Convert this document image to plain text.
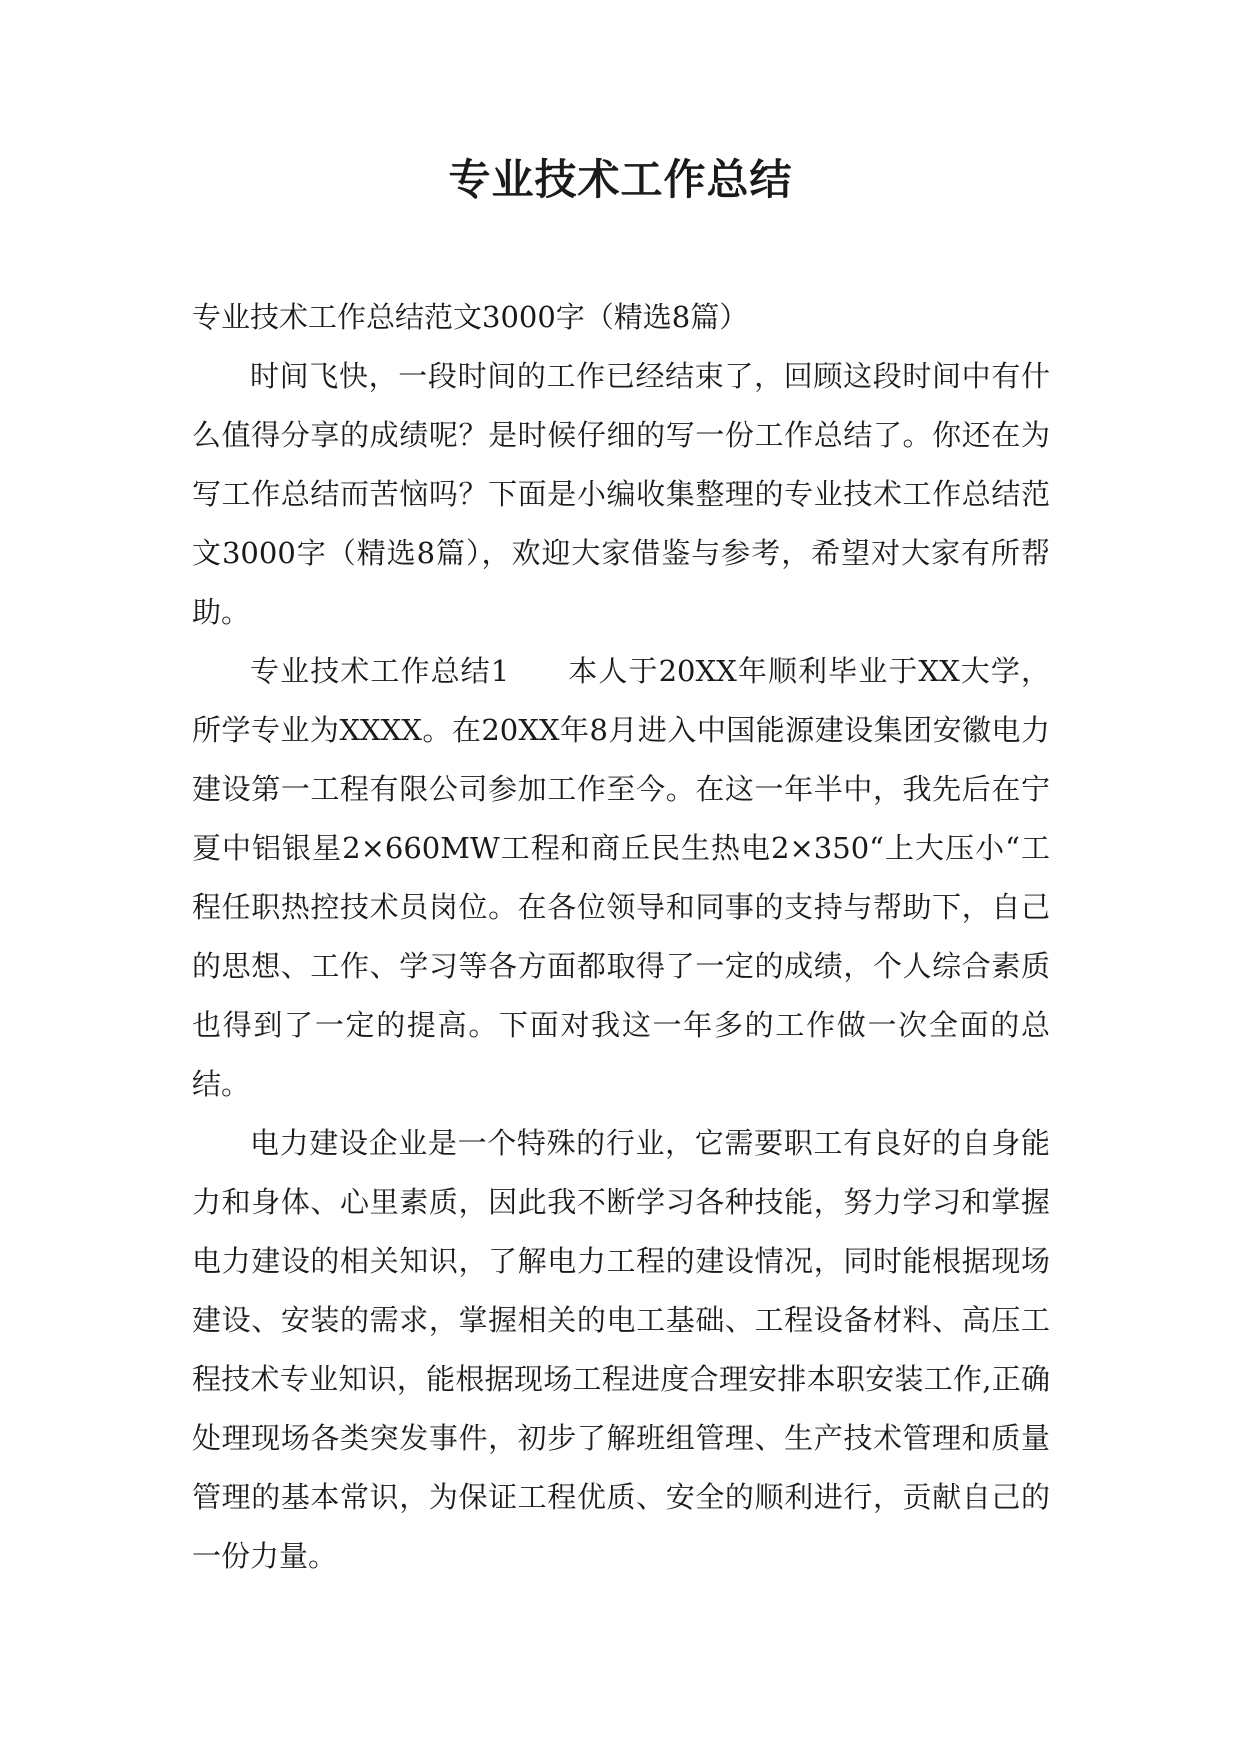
专业技术工作总结

专业技术工作总结范文3000字（精选8篇）

时间飞快，一段时间的工作已经结束了，回顾这段时间中有什么值得分享的成绩呢？是时候仔细的写一份工作总结了。你还在为写工作总结而苦恼吗？下面是小编收集整理的专业技术工作总结范文3000字（精选8篇），欢迎大家借鉴与参考，希望对大家有所帮助。

专业技术工作总结1 本人于20XX年顺利毕业于XX大学，所学专业为XXXX。在20XX年8月进入中国能源建设集团安徽电力建设第一工程有限公司参加工作至今。在这一年半中，我先后在宁夏中铝银星2×660MW工程和商丘民生热电2×350“上大压小“工程任职热控技术员岗位。在各位领导和同事的支持与帮助下，自己的思想、工作、学习等各方面都取得了一定的成绩，个人综合素质也得到了一定的提高。下面对我这一年多的工作做一次全面的总结。

电力建设企业是一个特殊的行业，它需要职工有良好的自身能力和身体、心里素质，因此我不断学习各种技能，努力学习和掌握电力建设的相关知识，了解电力工程的建设情况，同时能根据现场建设、安装的需求，掌握相关的电工基础、工程设备材料、高压工程技术专业知识，能根据现场工程进度合理安排本职安装工作,正确处理现场各类突发事件，初步了解班组管理、生产技术管理和质量管理的基本常识，为保证工程优质、安全的顺利进行，贡献自己的一份力量。
